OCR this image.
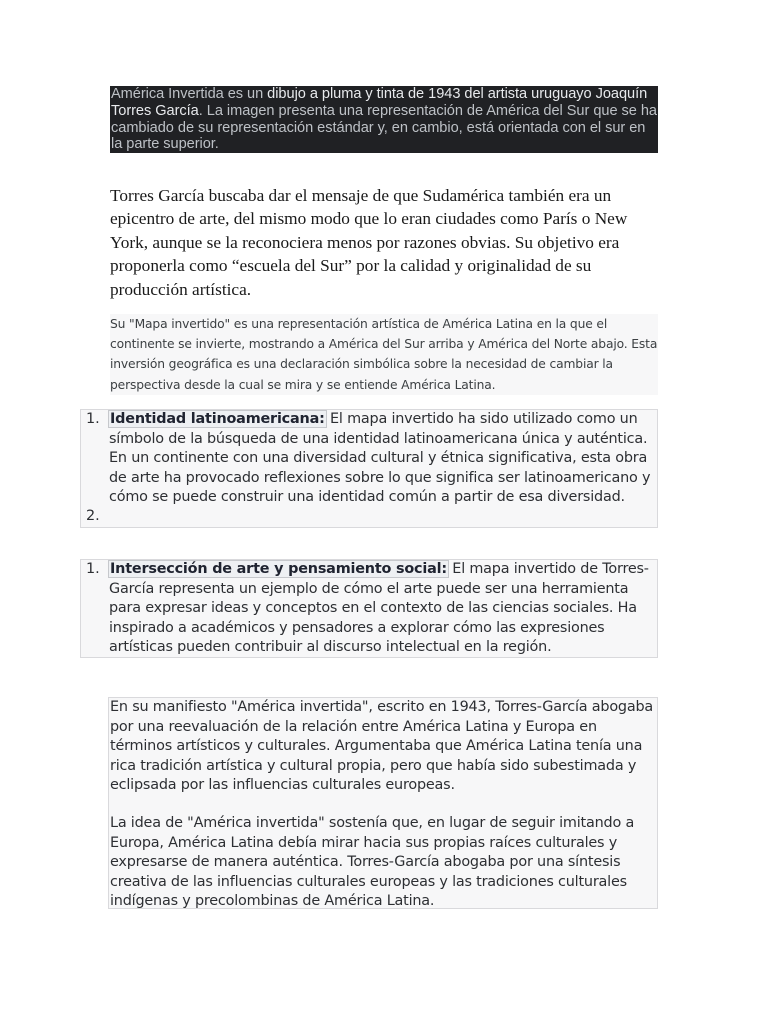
América Invertida es un dibujo a pluma y tinta de 1943 del artista uruguayo Joaquín Torres García. La imagen presenta una representación de América del Sur que se ha cambiado de su representación estándar y, en cambio, está orientada con el sur en la parte superior.

Torres García buscaba dar el mensaje de que Sudamérica también era un epicentro de arte, del mismo modo que lo eran ciudades como París o New York, aunque se la reconociera menos por razones obvias. Su objetivo era proponerla como “escuela del Sur” por la calidad y originalidad de su producción artística.

Su "Mapa invertido" es una representación artística de América Latina en la que el continente se invierte, mostrando a América del Sur arriba y América del Norte abajo. Esta inversión geográfica es una declaración simbólica sobre la necesidad de cambiar la perspectiva desde la cual se mira y se entiende América Latina.

1. Identidad latinoamericana: El mapa invertido ha sido utilizado como un símbolo de la búsqueda de una identidad latinoamericana única y auténtica. En un continente con una diversidad cultural y étnica significativa, esta obra de arte ha provocado reflexiones sobre lo que significa ser latinoamericano y cómo se puede construir una identidad común a partir de esa diversidad.

2.
1. Intersección de arte y pensamiento social: El mapa invertido de Torres-García representa un ejemplo de cómo el arte puede ser una herramienta para expresar ideas y conceptos en el contexto de las ciencias sociales. Ha inspirado a académicos y pensadores a explorar cómo las expresiones artísticas pueden contribuir al discurso intelectual en la región.

En su manifiesto "América invertida", escrito en 1943, Torres-García abogaba por una reevaluación de la relación entre América Latina y Europa en términos artísticos y culturales. Argumentaba que América Latina tenía una rica tradición artística y cultural propia, pero que había sido subestimada y eclipsada por las influencias culturales europeas.

La idea de "América invertida" sostenía que, en lugar de seguir imitando a Europa, América Latina debía mirar hacia sus propias raíces culturales y expresarse de manera auténtica. Torres-García abogaba por una síntesis creativa de las influencias culturales europeas y las tradiciones culturales indígenas y precolombinas de América Latina.
